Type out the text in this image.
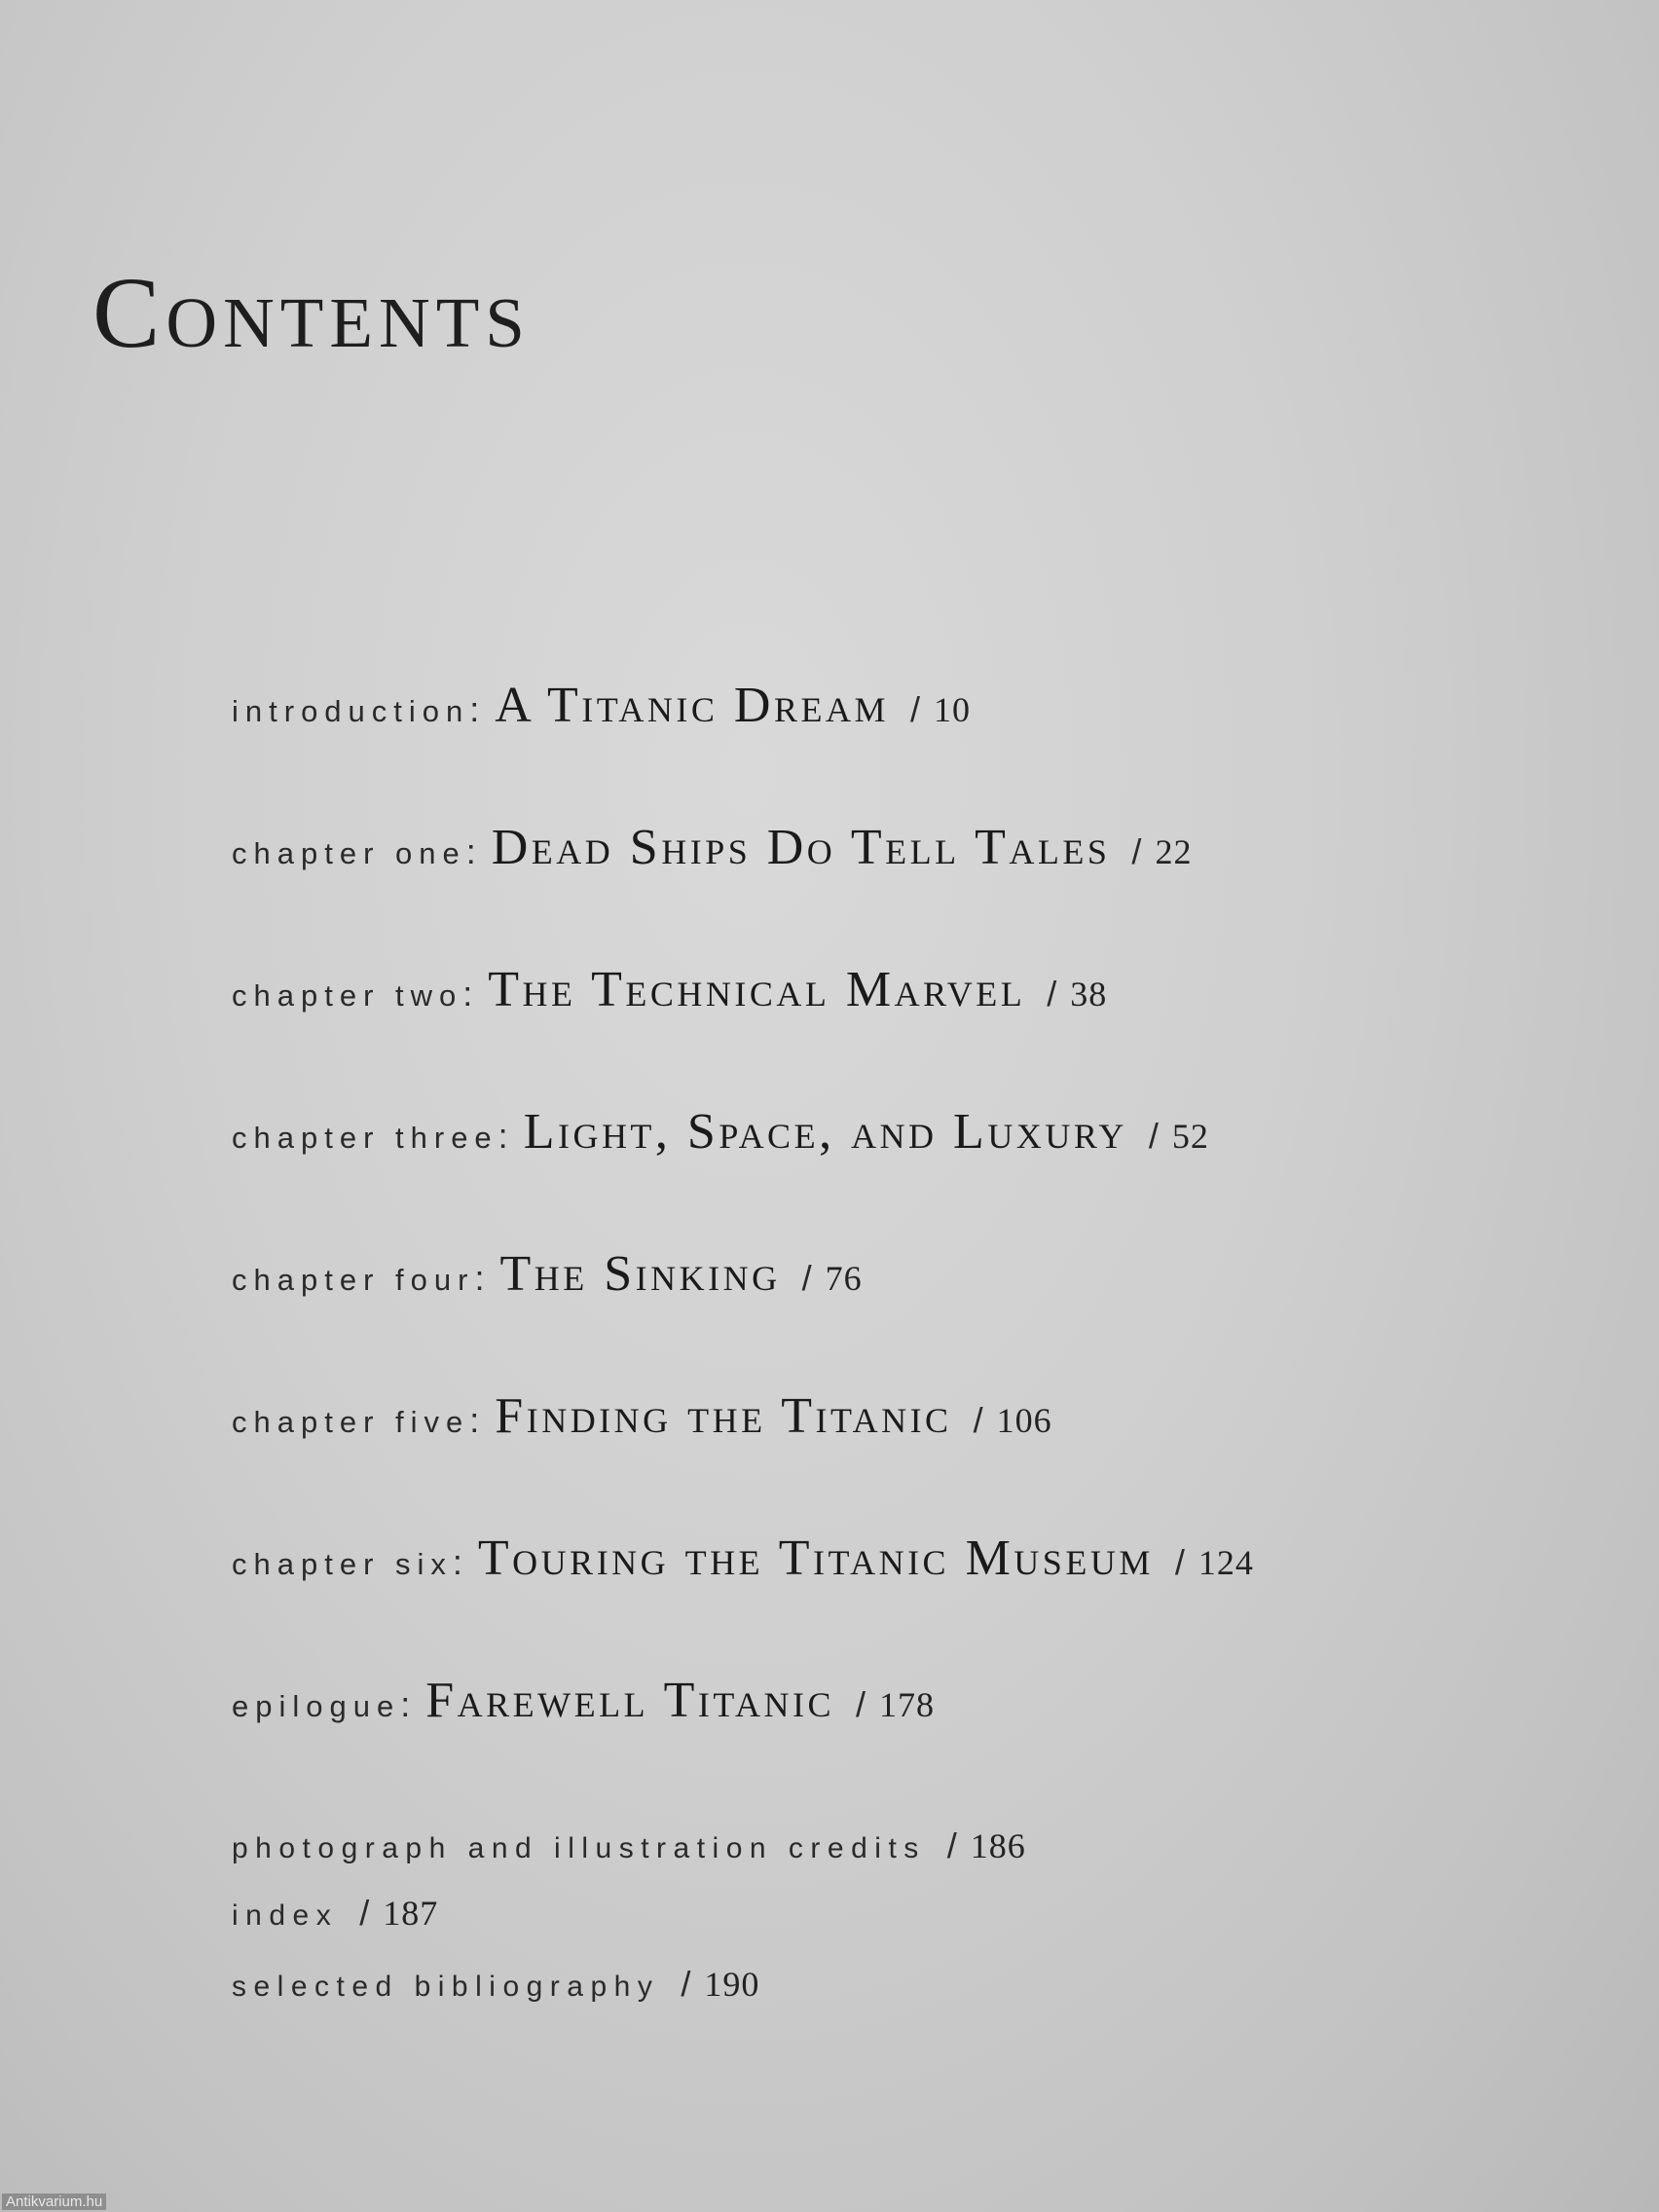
Contents
introduction : A Titanic Dream / 10
chapter one : Dead Ships Do Tell Tales / 22
chapter two : The Technical Marvel / 38
chapter three : Light, Space, and Luxury / 52
chapter four : The Sinking / 76
chapter five : Finding the Titanic / 106
chapter six : Touring the Titanic Museum / 124
epilogue : Farewell Titanic / 178
photograph and illustration credits / 186
index / 187
selected bibliography / 190
Antikvarium.hu
